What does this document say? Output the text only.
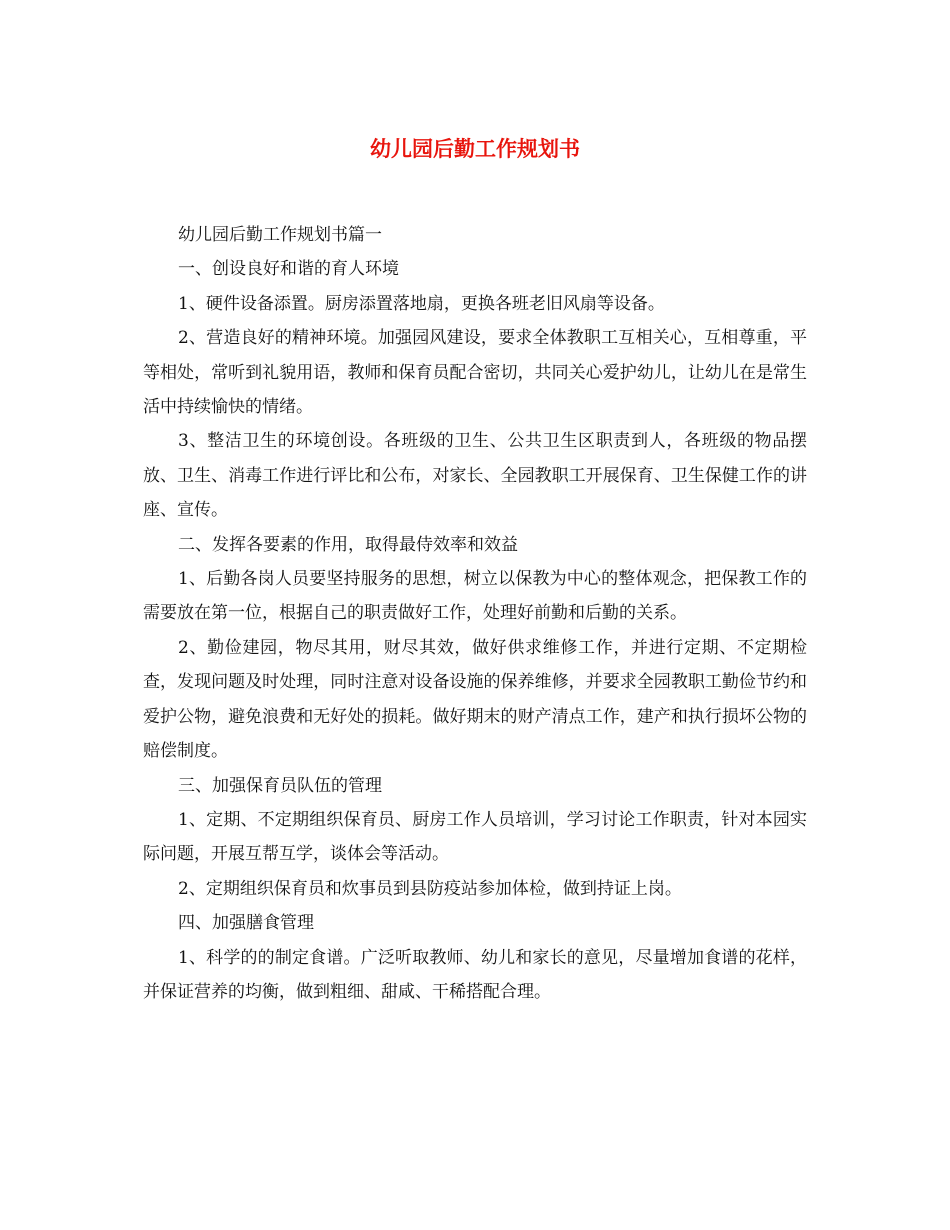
幼儿园后勤工作规划书

幼儿园后勤工作规划书篇一

一、创设良好和谐的育人环境

1、硬件设备添置。厨房添置落地扇，更换各班老旧风扇等设备。

2、营造良好的精神环境。加强园风建设，要求全体教职工互相关心，互相尊重，平等相处，常听到礼貌用语，教师和保育员配合密切，共同关心爱护幼儿，让幼儿在是常生活中持续愉快的情绪。

3、整洁卫生的环境创设。各班级的卫生、公共卫生区职责到人，各班级的物品摆放、卫生、消毒工作进行评比和公布，对家长、全园教职工开展保育、卫生保健工作的讲座、宣传。

二、发挥各要素的作用，取得最侍效率和效益

1、后勤各岗人员要坚持服务的思想，树立以保教为中心的整体观念，把保教工作的需要放在第一位，根据自己的职责做好工作，处理好前勤和后勤的关系。

2、勤俭建园，物尽其用，财尽其效，做好供求维修工作，并进行定期、不定期检查，发现问题及时处理，同时注意对设备设施的保养维修，并要求全园教职工勤俭节约和爱护公物，避免浪费和无好处的损耗。做好期末的财产清点工作，建产和执行损坏公物的赔偿制度。

三、加强保育员队伍的管理

1、定期、不定期组织保育员、厨房工作人员培训，学习讨论工作职责，针对本园实际问题，开展互帮互学，谈体会等活动。

2、定期组织保育员和炊事员到县防疫站参加体检，做到持证上岗。

四、加强膳食管理

1、科学的的制定食谱。广泛听取教师、幼儿和家长的意见，尽量增加食谱的花样，并保证营养的均衡，做到粗细、甜咸、干稀搭配合理。
